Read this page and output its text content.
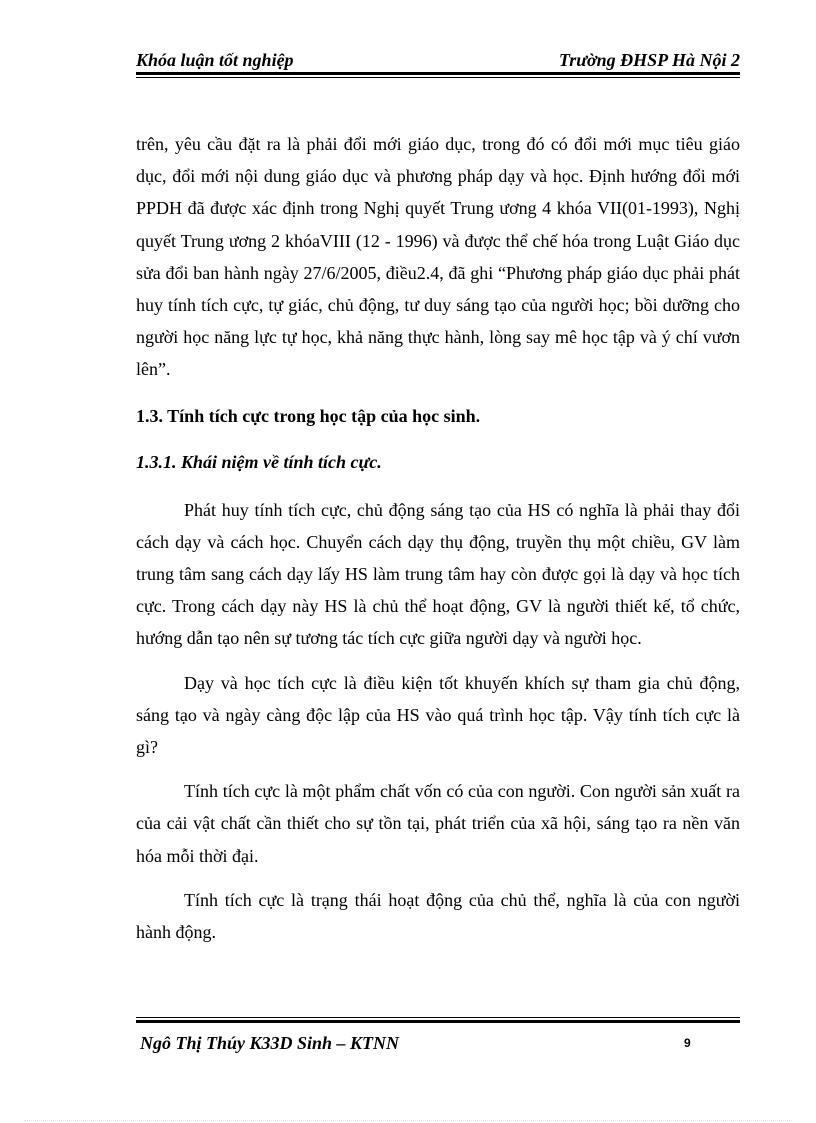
Khóa luận tốt nghiệp	Trường ĐHSP Hà Nội 2

trên, yêu cầu đặt ra là phải đổi mới giáo dục, trong đó có đổi mới mục tiêu giáo dục, đổi mới nội dung giáo dục và phương pháp dạy và học. Định hướng đổi mới PPDH đã được xác định trong Nghị quyết Trung ương 4 khóa VII(01-1993), Nghị quyết Trung ương 2 khóaVIII (12 - 1996) và được thể chế hóa trong Luật Giáo dục sửa đổi ban hành ngày 27/6/2005, điều2.4, đã ghi “Phương pháp giáo dục phải phát huy tính tích cực, tự giác, chủ động, tư duy sáng tạo của người học; bồi dưỡng cho người học năng lực tự học, khả năng thực hành, lòng say mê học tập và ý chí vươn lên”.

1.3. Tính tích cực trong học tập của học sinh.
1.3.1. Khái niệm về tính tích cực.

Phát huy tính tích cực, chủ động sáng tạo của HS có nghĩa là phải thay đổi cách dạy và cách học. Chuyển cách dạy thụ động, truyền thụ một chiều, GV làm trung tâm sang cách dạy lấy HS làm trung tâm hay còn được gọi là dạy và học tích cực. Trong cách dạy này HS là chủ thể hoạt động, GV là người thiết kế, tổ chức, hướng dẫn tạo nên sự tương tác tích cực giữa người dạy và người học.

Dạy và học tích cực là điều kiện tốt khuyến khích sự tham gia chủ động, sáng tạo và ngày càng độc lập của HS vào quá trình học tập. Vậy tính tích cực là gì?

Tính tích cực là một phẩm chất vốn có của con người. Con người sản xuất ra của cải vật chất cần thiết cho sự tồn tại, phát triển của xã hội, sáng tạo ra nền văn hóa mỗi thời đại.

Tính tích cực là trạng thái hoạt động của chủ thể, nghĩa là của con người hành động.

Ngô Thị Thúy K33D Sinh – KTNN	9
